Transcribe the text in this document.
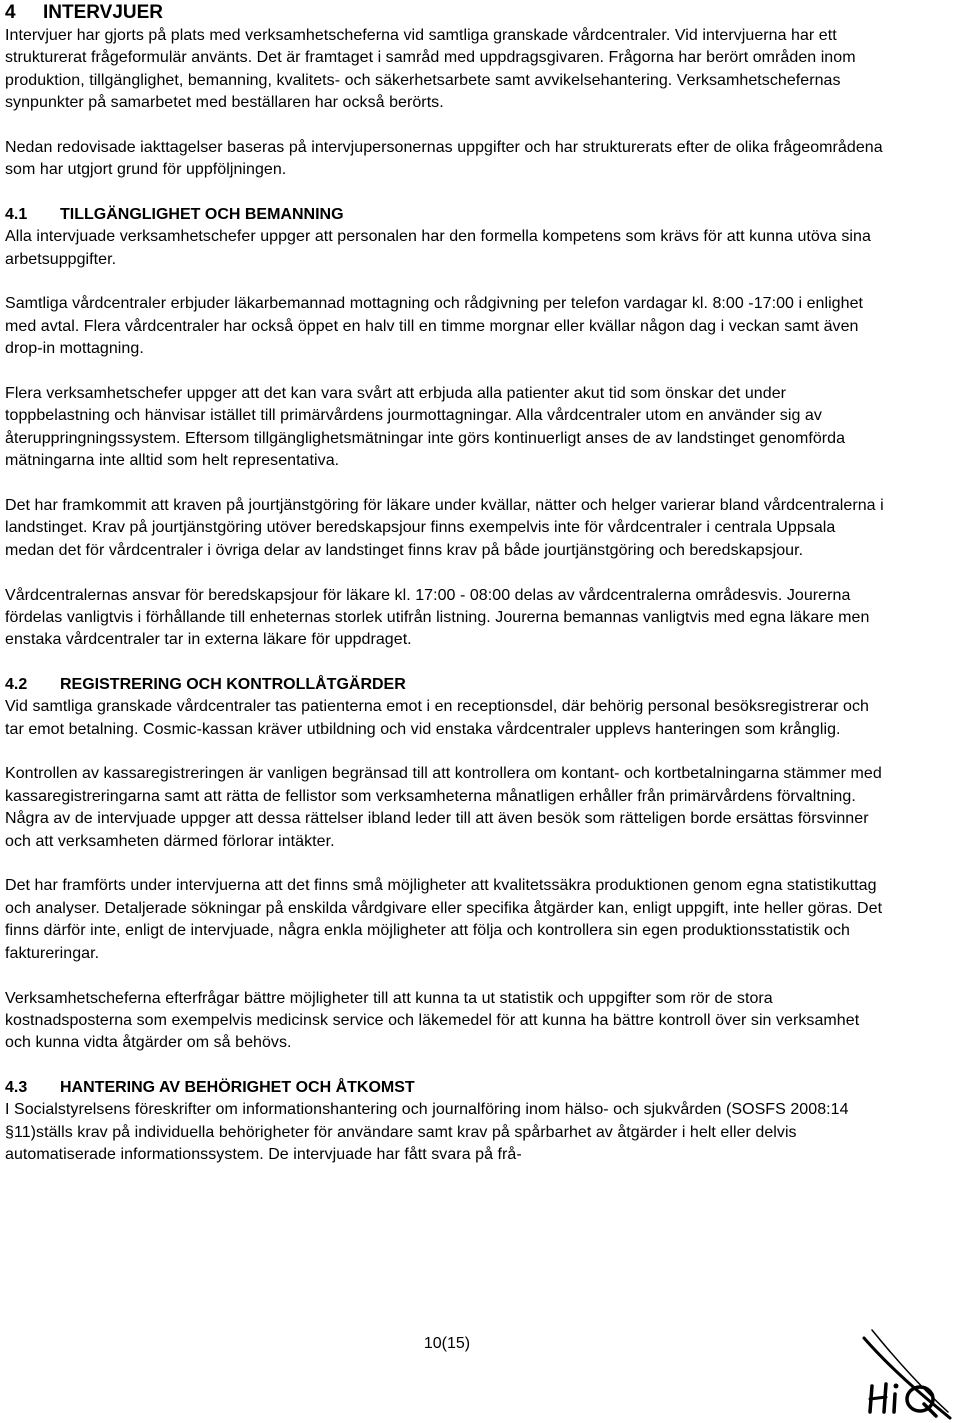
4	INTERVJUER

Intervjuer har gjorts på plats med verksamhetscheferna vid samtliga granskade vårdcentraler. Vid intervjuerna har ett strukturerat frågeformulär använts. Det är framtaget i samråd med uppdragsgivaren. Frågorna har berört områden inom produktion, tillgänglighet, bemanning, kvalitets- och säkerhetsarbete samt avvikelsehantering. Verksamhetschefernas synpunkter på samarbetet med beställaren har också berörts.

Nedan redovisade iakttagelser baseras på intervjupersonernas uppgifter och har strukturerats efter de olika frågeområdena som har utgjort grund för uppföljningen.

4.1	TILLGÄNGLIGHET OCH BEMANNING

Alla intervjuade verksamhetschefer uppger att personalen har den formella kompetens som krävs för att kunna utöva sina arbetsuppgifter.

Samtliga vårdcentraler erbjuder läkarbemannad mottagning och rådgivning per telefon vardagar kl. 8:00 -17:00 i enlighet med avtal. Flera vårdcentraler har också öppet en halv till en timme morgnar eller kvällar någon dag i veckan samt även drop-in mottagning.

Flera verksamhetschefer uppger att det kan vara svårt att erbjuda alla patienter akut tid som önskar det under toppbelastning och hänvisar istället till primärvårdens jourmottagningar. Alla vårdcentraler utom en använder sig av återuppringningssystem. Eftersom tillgänglighetsmätningar inte görs kontinuerligt anses de av landstinget genomförda mätningarna inte alltid som helt representativa.

Det har framkommit att kraven på jourtjänstgöring för läkare under kvällar, nätter och helger varierar bland vårdcentralerna i landstinget. Krav på jourtjänstgöring utöver beredskapsjour finns exempelvis inte för vårdcentraler i centrala Uppsala medan det för vårdcentraler i övriga delar av landstinget finns krav på både jourtjänstgöring och beredskapsjour.

Vårdcentralernas ansvar för beredskapsjour för läkare kl. 17:00 - 08:00 delas av vårdcentralerna områdesvis. Jourerna fördelas vanligtvis i förhållande till enheternas storlek utifrån listning. Jourerna bemannas vanligtvis med egna läkare men enstaka vårdcentraler tar in externa läkare för uppdraget.

4.2	REGISTRERING OCH KONTROLLÅTGÄRDER

Vid samtliga granskade vårdcentraler tas patienterna emot i en receptionsdel, där behörig personal besöksregistrerar och tar emot betalning. Cosmic-kassan kräver utbildning och vid enstaka vårdcentraler upplevs hanteringen som krånglig.

Kontrollen av kassaregistreringen är vanligen begränsad till att kontrollera om kontant- och kortbetalningarna stämmer med kassaregistreringarna samt att rätta de fellistor som verksamheterna månatligen erhåller från primärvårdens förvaltning. Några av de intervjuade uppger att dessa rättelser ibland leder till att även besök som rätteligen borde ersättas försvinner och att verksamheten därmed förlorar intäkter.

Det har framförts under intervjuerna att det finns små möjligheter att kvalitetssäkra produktionen genom egna statistikuttag och analyser. Detaljerade sökningar på enskilda vårdgivare eller specifika åtgärder kan, enligt uppgift, inte heller göras. Det finns därför inte, enligt de intervjuade, några enkla möjligheter att följa och kontrollera sin egen produktionsstatistik och faktureringar.

Verksamhetscheferna efterfrågar bättre möjligheter till att kunna ta ut statistik och uppgifter som rör de stora kostnadsposterna som exempelvis medicinsk service och läkemedel för att kunna ha bättre kontroll över sin verksamhet och kunna vidta åtgärder om så behövs.

4.3	HANTERING AV BEHÖRIGHET OCH ÅTKOMST

I Socialstyrelsens föreskrifter om informationshantering och journalföring inom hälso- och sjukvården (SOSFS 2008:14 §11)ställs krav på individuella behörigheter för användare samt krav på spårbarhet av åtgärder i helt eller delvis automatiserade informationssystem. De intervjuade har fått svara på frå-

10(15)
